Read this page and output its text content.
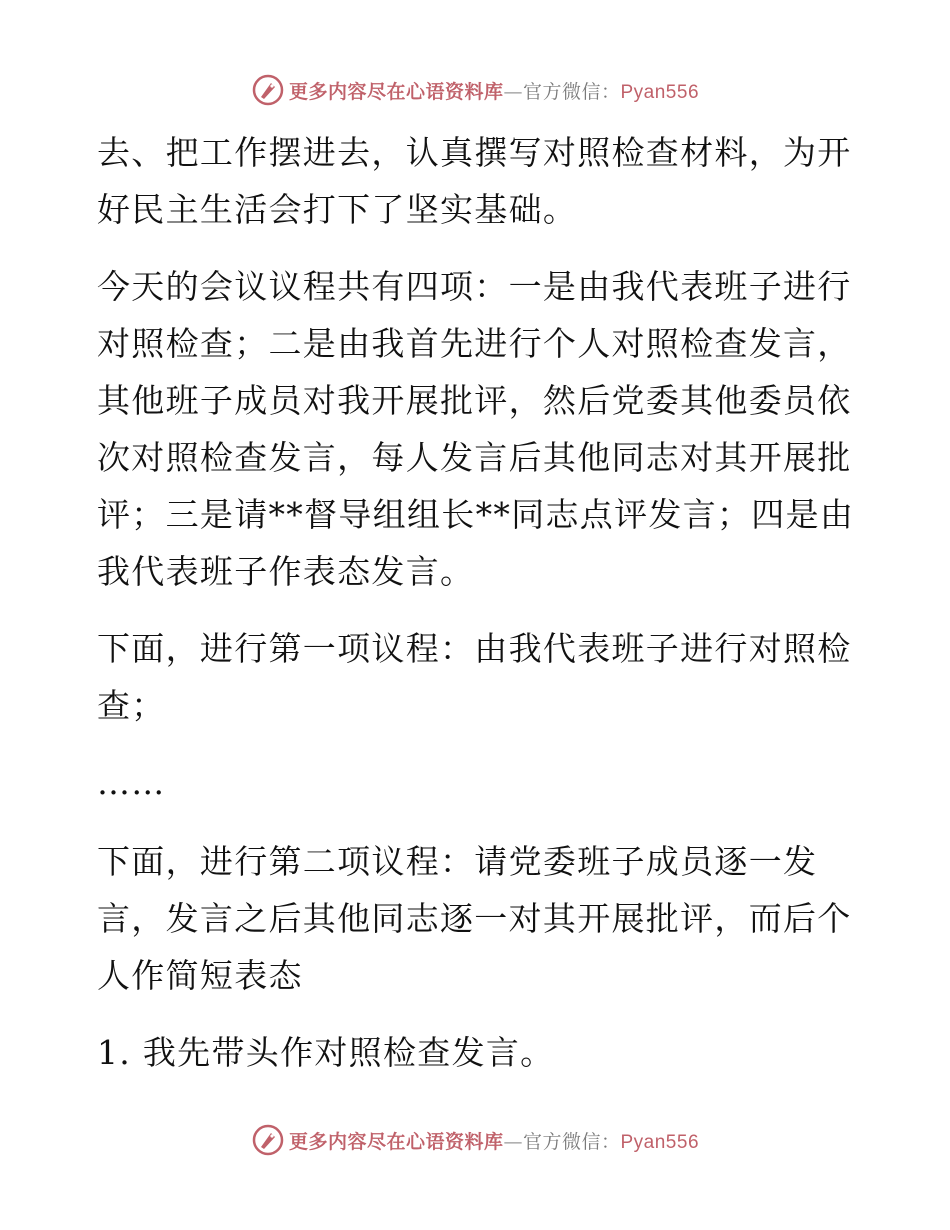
更多内容尽在心语资料库—官方微信：Pyan556

去、把工作摆进去，认真撰写对照检查材料，为开好民主生活会打下了坚实基础。

今天的会议议程共有四项：一是由我代表班子进行对照检查；二是由我首先进行个人对照检查发言，其他班子成员对我开展批评，然后党委其他委员依次对照检查发言，每人发言后其他同志对其开展批评；三是请**督导组组长**同志点评发言；四是由我代表班子作表态发言。

下面，进行第一项议程：由我代表班子进行对照检查；

……

下面，进行第二项议程：请党委班子成员逐一发言，发言之后其他同志逐一对其开展批评，而后个人作简短表态

1. 我先带头作对照检查发言。

更多内容尽在心语资料库—官方微信：Pyan556
